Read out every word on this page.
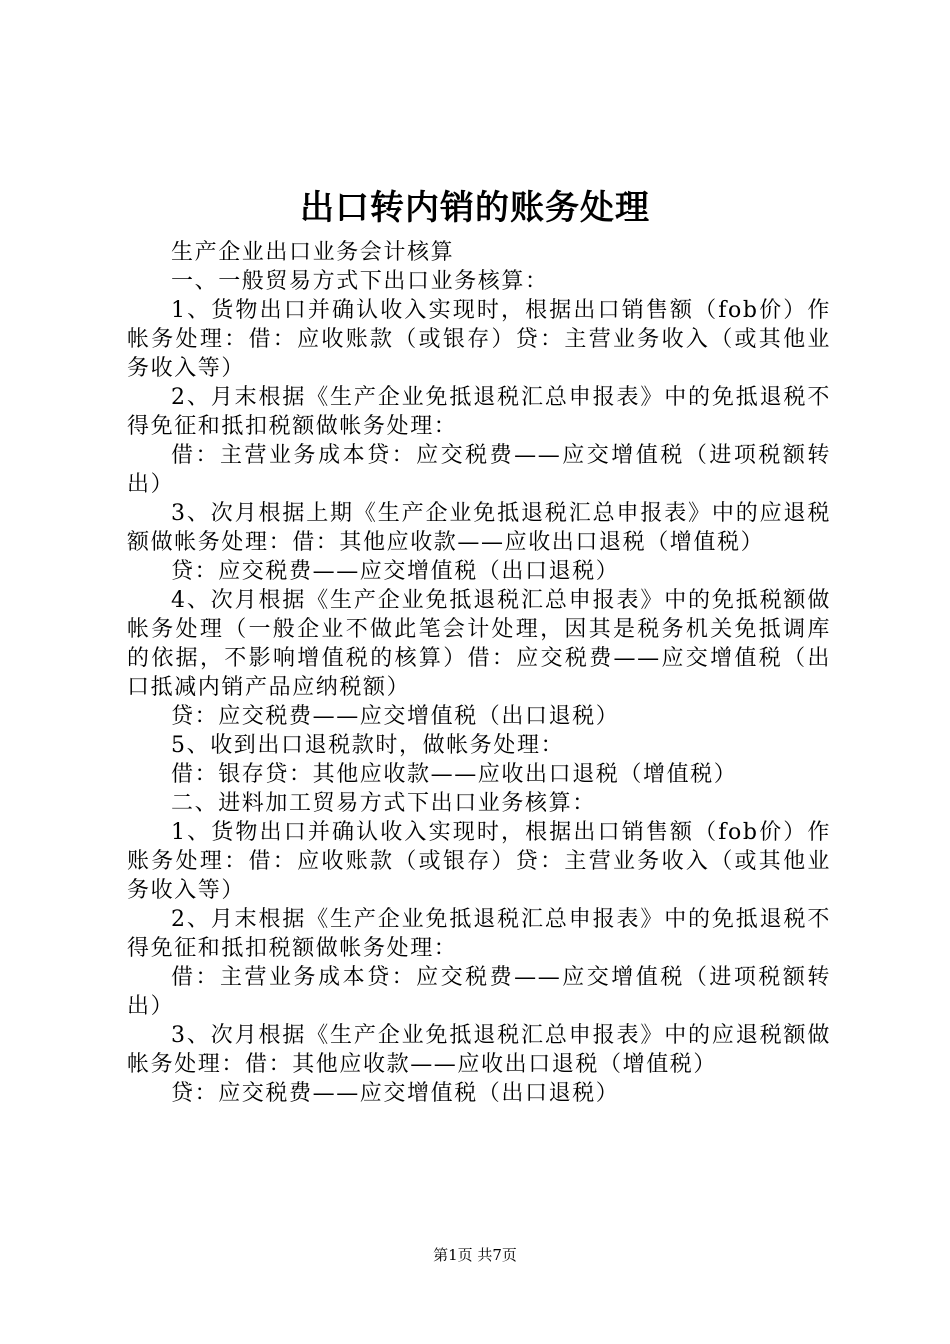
出口转内销的账务处理

生产企业出口业务会计核算

一、一般贸易方式下出口业务核算：

1、货物出口并确认收入实现时，根据出口销售额（fob价）作帐务处理：借：应收账款（或银存）贷：主营业务收入（或其他业务收入等）

2、月末根据《生产企业免抵退税汇总申报表》中的免抵退税不得免征和抵扣税额做帐务处理：

借：主营业务成本贷：应交税费——应交增值税（进项税额转出）

3、次月根据上期《生产企业免抵退税汇总申报表》中的应退税额做帐务处理：借：其他应收款——应收出口退税（增值税）

贷：应交税费——应交增值税（出口退税）

4、次月根据《生产企业免抵退税汇总申报表》中的免抵税额做帐务处理（一般企业不做此笔会计处理，因其是税务机关免抵调库的依据，不影响增值税的核算）借：应交税费——应交增值税（出口抵减内销产品应纳税额）

贷：应交税费——应交增值税（出口退税）

5、收到出口退税款时，做帐务处理：

借：银存贷：其他应收款——应收出口退税（增值税）

二、进料加工贸易方式下出口业务核算：

1、货物出口并确认收入实现时，根据出口销售额（fob价）作账务处理：借：应收账款（或银存）贷：主营业务收入（或其他业务收入等）

2、月末根据《生产企业免抵退税汇总申报表》中的免抵退税不得免征和抵扣税额做帐务处理：

借：主营业务成本贷：应交税费——应交增值税（进项税额转出）

3、次月根据《生产企业免抵退税汇总申报表》中的应退税额做帐务处理：借：其他应收款——应收出口退税（增值税）

贷：应交税费——应交增值税（出口退税）

第1页 共7页
